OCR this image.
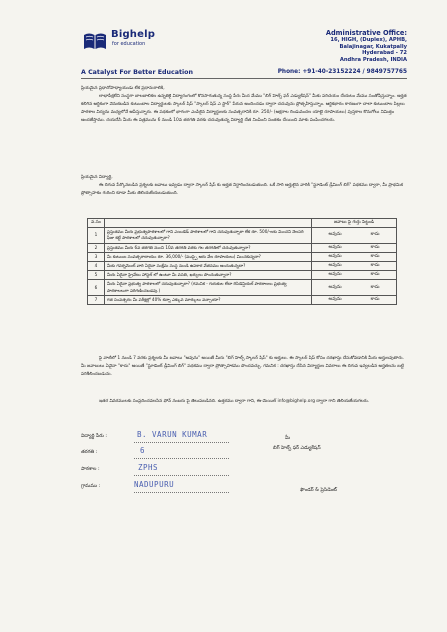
Bighelp
for education
A Catalyst For Better Education
Administrative Office:
16, HIGH, (Duplex), APHB,
Balajinagar, Kukatpally
Hyderabad - 72
Andhra Pradesh, INDIA
Phone: +91-40-23152224 / 9849757765
ప్రియమైన ప్రధానోపాధ్యాయుడు లేక ప్రధానురాలికి,
లాభాపేక్షలేని సంస్థగా బాలబాలికల ఉన్నతికై విద్యారంగంలో కొనసాగుతున్న సంస్థ పేరు మీద మేము "బిగ్ హెల్ప్ ఫర్ ఎడ్యుకేషన్" మీకు పరిచయం చేయటం మేము సంతోషిస్తున్నాం. అర్హత కలిగిన ఆర్థికంగా వెనుకబడిన కుటుంబాల విద్యార్థులకు స్కాలర్ షిప్ "స్కాలర్ షిప్ ఎ స్టార్" పేరున అందించడం ద్వారా చదువును ప్రోత్సహిస్తున్నాం. ఆర్థికభారం కారణంగా చాలా కుటుంబాల పిల్లలు పాఠశాల విద్యను మధ్యలోనే ఆపేస్తున్నారు. ఈ పథకంలో భాగంగా ఎంపికైన విద్యార్థులకు సంవత్సరానికి రూ. 250/- (అక్షరాల రెండువందల యాభై రూపాయలు) పుస్తకాల కొనుగోలు నిమిత్తం అందజేస్తాము. దయచేసి మీరు ఈ పత్రమును 6 నుండి 10వ తరగతి వరకు చదువుతున్న విద్యార్థి చేత నింపించి సంతకం చేయించి మాకు పంపించగలరు.
ప్రియమైన విద్యార్థి,
ఈ దిగువ పేర్కొనబడిన ప్రశ్నలకు జవాబు ఇవ్వడం ద్వారా స్కాలర్ షిప్ కు అర్హత నిర్ధారించబడుతుంది. ఒకే సారి అర్హులైన వారికి "స్టూడెంట్ డ్రీమింగ్ బిగ్" పథకము ద్వారా, మీ ప్రాథమిక ప్రోత్సాహకం గురించి కూడా మీకు తెలియజేయబడుతుంది.
వ.సం		జవాబు పై గుర్తు పెట్టండి
1	ప్రస్తుతము మీరు ప్రభుత్వపాఠశాలలో గాని ఎయిడెడ్ పాఠశాలలో గాని చదువుతున్నారా లేక రూ. 500/-లకు మించని నెలసరి ఫీజు కట్టే పాఠశాలలో చదువుతున్నారా?	అవును కాదు

2	ప్రస్తుతము మీరు 6వ తరగతి నుంచి 10వ తరగతి వరకు గల తరగతిలో చదువుతున్నారా?	అవును కాదు

3	మీ కుటుంబ సంవత్సరాదాయం రూ. 36,000/- (ముప్పై ఆరు వేల రూపాయలు) మించకున్నదా?	అవును కాదు

4	మీకు గవర్నమెంట్ వారి ఏదైనా సంక్షేమ సంస్థ నుండి ఉపకార వేతనము అందుతున్నదా?	అవును కాదు

5	మీరు ఏదైనా ప్రైవేటు హాస్టల్ లో ఉంటూ మీ వసతి, ఖర్చులు పొందుతున్నారా?	అవును కాదు

6	మీరు ఏదైనా ప్రభుత్వ పాఠశాలలో చదువుతున్నారా? (గమనిక - గురుకుల లేదా రెసిడెన్షియల్ పాఠశాలలు ప్రభుత్వ పాఠశాలలుగా పరిగణించబడవు.)	అవును కాదు

7	గత సంవత్సరం మీ పరీక్షల్లో 40% కన్నా ఎక్కువ మార్కులు వచ్చాయా?	అవును కాదు
పై వాటిలో 1 నుండి 7 వరకు ప్రశ్నలకు మీ జవాబు "అవును" అయితే మీరు "బిగ్ హెల్ప్ స్కాలర్ షిప్" కు అర్హులు. ఈ స్కాలర్ షిప్ కోసం దరఖాస్తు చేసుకోవడానికి మీరు అర్హులవుతారు. మీ జవాబులు ఏవైనా "కాదు" అయితే "స్టూడెంట్ డ్రీమింగ్ బిగ్" పథకము ద్వారా ప్రోత్సాహకము పొందవచ్చు. గమనిక : దరఖాస్తు చేసిన విద్యార్థుల వివరాలు ఈ దిగువ ఇవ్వబడిన అర్హతలను బట్టి పరిశీలించబడును.
ఇతర వివరములకు సంప్రదించవలసిన ఫోన్ నంబరు పై తెలుపబడినది. ఉత్తరము ద్వారా గాని, ఈ-మెయిల్ info@bighelp.org ద్వారా గాని తెలియజేయగలరు.
విద్యార్థి పేరు :	B. VARUN KUMAR
తరగతి :	6
పాఠశాల :	ZPHS
గ్రామము :	NADUPURU
మీ
బిగ్ హెల్ప్ ఫర్ ఎడ్యుకేషన్
ఫౌండర్ & ప్రెసిడెంట్
